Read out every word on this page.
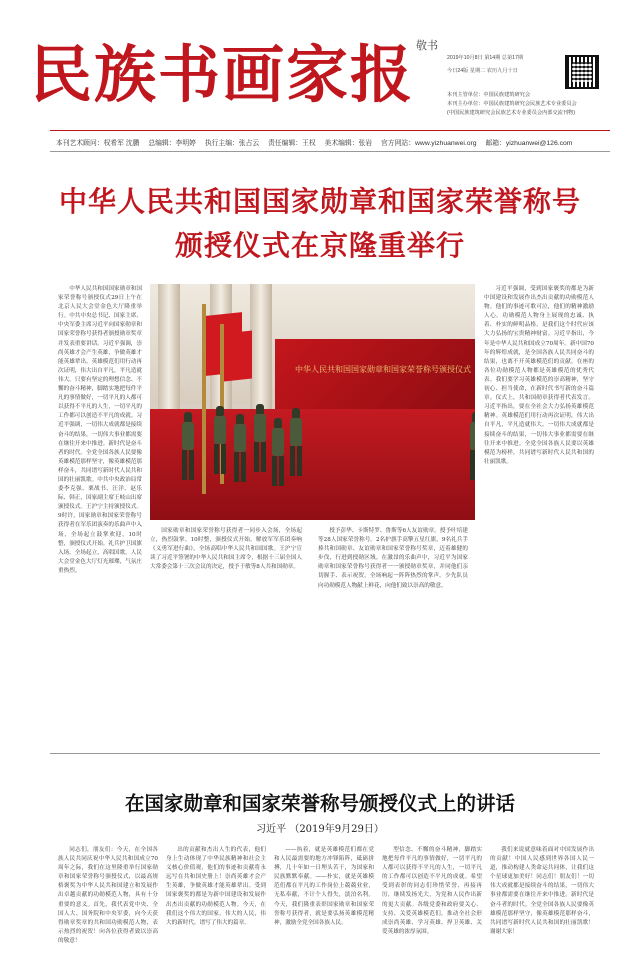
民族书画家报 敬书
2019年10月8日 第14期 总第17期
今日24版 星期二 农历九月十日
本刊主管单位：中国民族建筑研究会
本刊主办单位：中国民族建筑研究会民族艺术专业委员会
(中国民族建筑研究会民族艺术专业委员会内部交流刊物)
本刊艺术顾问：权希军 沈鹏 总编辑：李明婷 执行主编：张占云 责任编辑：王权 美术编辑：张岩 官方网站：www.yizhuanwei.org 邮箱：yizhuanwei@126.com
中华人民共和国国家勋章和国家荣誉称号
颁授仪式在京隆重举行
中华人民共和国国家勋章和国家荣誉称号颁授仪式

中华人民共和国国家勋章和国家荣誉称号颁授仪式29日上午在北京人民大会堂金色大厅隆重举行。中共中央总书记、国家主席、中央军委主席习近平向国家勋章和国家荣誉称号获得者颁授勋章奖章并发表重要讲话。习近平强调，崇尚英雄才会产生英雄，争做英雄才能英雄辈出。英雄模范们用行动再次证明，伟大出自平凡，平凡造就伟大。只要有坚定的理想信念、不懈的奋斗精神，脚踏实地把每件平凡的事情做好，一切平凡的人都可以获得不平凡的人生，一切平凡的工作都可以创造不平凡的成就。习近平强调，一切伟大成就都是接续奋斗的结果，一切伟大事业都需要在继往开来中推进。新时代是奋斗者的时代。全党全国各族人民要像英雄模范那样坚守，像英雄模范那样奋斗，共同谱写新时代人民共和国的壮丽凯歌。中共中央政治局常委李克强、栗战书、汪洋、赵乐际、韩正，国家副主席王岐山出席颁授仪式。王沪宁主持颁授仪式。9时许，国家勋章和国家荣誉称号获得者在军乐团演奏的乐曲声中入场，全场起立鼓掌欢迎。10时整，颁授仪式开始。礼兵护卫国旗入场。全场起立，高唱国歌。人民大会堂金色大厅灯光璀璨，气氛庄重热烈。

国家勋章和国家荣誉称号获得者一同步入会场，全场起立，热烈鼓掌。10时整，颁授仪式开始。解放军军乐团奏响《义勇军进行曲》，全场高唱中华人民共和国国歌。王沪宁宣读了习近平签署的中华人民共和国主席令，根据十三届全国人大常委会第十三次会议的决定，授予于敏等8人共和国勋章。

授予彭华、卡斯特罗、鲁斯等6人友谊勋章。授予叶培建等28人国家荣誉称号。2名护旗手高擎五星红旗，9名礼兵手捧共和国勋章、友谊勋章和国家荣誉称号奖章，迈着雄健的步伐，行进到授勋区域。在激昂的乐曲声中，习近平为国家勋章和国家荣誉称号获得者一一颁授勋章奖章，并同他们亲切握手、表示祝贺。全场响起一阵阵热烈的掌声。少先队员向功勋模范人物献上鲜花，向他们致以崇高的敬意。

习近平强调，受到国家褒奖的都是为新中国建设和发展作出杰出贡献的功勋模范人物。他们的事迹可歌可泣，他们的精神激励人心。功勋模范人物身上展现的忠诚、执着、朴实的鲜明品格，是我们这个时代应该大力弘扬的宝贵精神财富。习近平指出，今年是中华人民共和国成立70周年。新中国70年的辉煌成就，是全国各族人民共同奋斗的结果，也离不开英雄模范们的贡献。在座的各位功勋模范人物都是英雄模范的优秀代表。我们要学习英雄模范的崇高精神，坚守初心、担当使命，在新时代书写新的奋斗篇章。仪式上，共和国勋章获得者代表发言。习近平指出，要在全社会大力弘扬英雄模范精神。英雄模范们用行动再次证明，伟大出自平凡，平凡造就伟大。一切伟大成就都是接续奋斗的结果，一切伟大事业都需要在继往开来中推进。全党全国各族人民要以英雄模范为榜样，共同谱写新时代人民共和国的壮丽凯歌。

在国家勋章和国家荣誉称号颁授仪式上的讲话
习近平 （2019年9月29日）

同志们，朋友们：今天，在全国各族人民共同庆祝中华人民共和国成立70周年之际，我们在这里隆重举行国家勋章和国家荣誉称号颁授仪式，以最高规格褒奖为中华人民共和国建立和发展作出卓越贡献的功勋模范人物，具有十分重要的意义。首先，我代表党中央、全国人大、国务院和中央军委，向今天获得勋章奖章的共和国功勋模范人物，表示热烈的祝贺！向各位获得者致以崇高的敬意！

出的贡献和杰出人生的代表，他们身上生动体现了中华民族精神和社会主义核心价值观，他们的事迹和贡献将永远写在共和国史册上！崇尚英雄才会产生英雄，争做英雄才能英雄辈出。受到国家褒奖的都是为新中国建设和发展作出杰出贡献的功勋模范人物。今天，在我们这个伟大的国家，伟大的人民，伟大的新时代，谱写了伟大的篇章。

——执着，就是英雄模范们都在党和人民最需要的地方冲锋陷阵，砥砺拼搏，几十年如一日埋头苦干，为国家和民族默默奉献。——朴实，就是英雄模范们都在平凡的工作岗位上兢兢业业，无私奉献，不计个人得失，淡泊名利。今天，我们隆重表彰国家勋章和国家荣誉称号获得者，就是要弘扬英雄模范精神，激励全党全国各族人民。

型信念、不懈的奋斗精神，脚踏实地把每件平凡的事情做好，一切平凡的人都可以获得不平凡的人生，一切平凡的工作都可以创造不平凡的成就。希望受到表彰的同志们珍惜荣誉、再接再厉，继续发扬光大，为党和人民作出新的更大贡献。各级党委和政府要关心、支持、关爱英雄模范们，推动全社会形成崇尚英雄、学习英雄、捍卫英雄、关爱英雄的浓厚氛围。

我们来说就意味着面对中国发展作出的贡献！中国人民感到世界各国人民一道，推动构建人类命运共同体，让我们这个星球更加美好！同志们！朋友们！一切伟大成就都是接续奋斗的结果，一切伟大事业都需要在继往开来中推进。新时代是奋斗者的时代。全党全国各族人民要像英雄模范那样坚守，像英雄模范那样奋斗，共同谱写新时代人民共和国的壮丽凯歌！谢谢大家！
